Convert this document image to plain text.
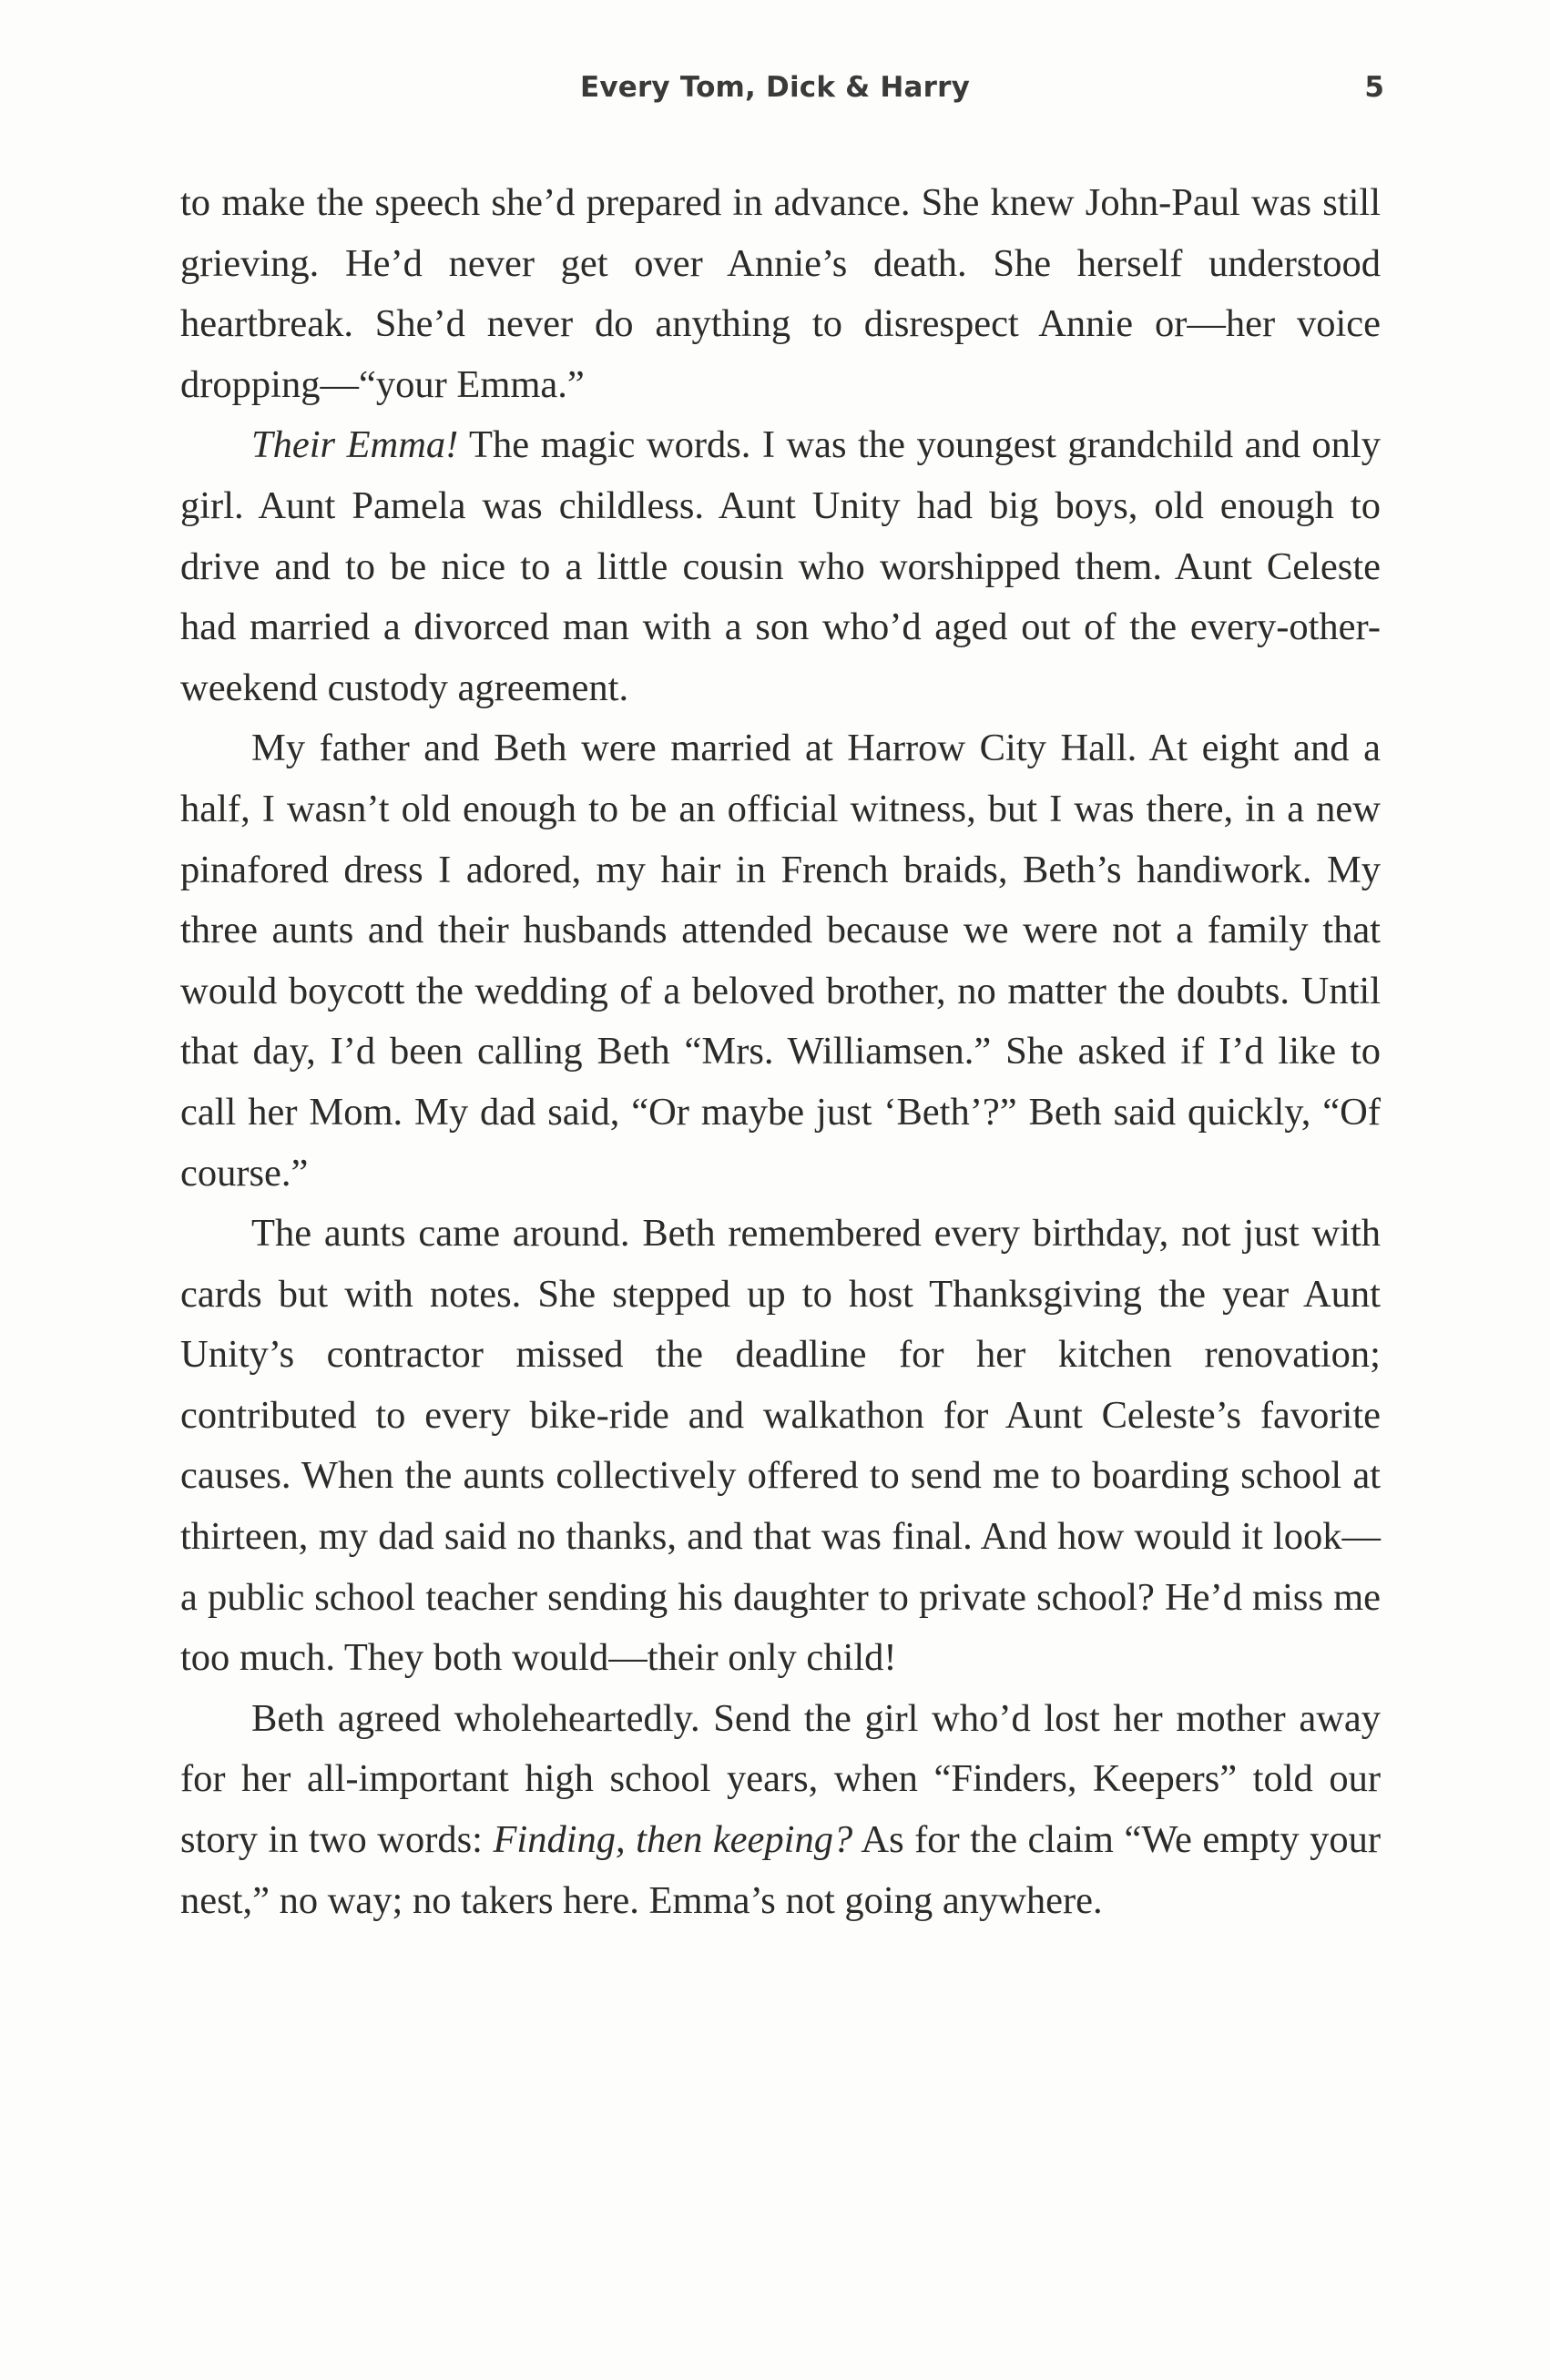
Every Tom, Dick & Harry	5

to make the speech she’d prepared in advance. She knew John-Paul was still grieving. He’d never get over Annie’s death. She herself understood heartbreak. She’d never do anything to disrespect Annie or—her voice dropping—“your Emma.”

Their Emma! The magic words. I was the youngest grandchild and only girl. Aunt Pamela was childless. Aunt Unity had big boys, old enough to drive and to be nice to a little cousin who worshipped them. Aunt Celeste had married a divorced man with a son who’d aged out of the every-other-weekend custody agreement.

My father and Beth were married at Harrow City Hall. At eight and a half, I wasn’t old enough to be an official witness, but I was there, in a new pinafored dress I adored, my hair in French braids, Beth’s handiwork. My three aunts and their husbands attended because we were not a family that would boycott the wedding of a beloved brother, no matter the doubts. Until that day, I’d been calling Beth “Mrs. Williamsen.” She asked if I’d like to call her Mom. My dad said, “Or maybe just ‘Beth’?” Beth said quickly, “Of course.”

The aunts came around. Beth remembered every birthday, not just with cards but with notes. She stepped up to host Thanksgiving the year Aunt Unity’s contractor missed the deadline for her kitchen renovation; contributed to every bike-ride and walkathon for Aunt Celeste’s favorite causes. When the aunts collectively offered to send me to boarding school at thirteen, my dad said no thanks, and that was final. And how would it look—a public school teacher sending his daughter to private school? He’d miss me too much. They both would—their only child!

Beth agreed wholeheartedly. Send the girl who’d lost her mother away for her all-important high school years, when “Finders, Keepers” told our story in two words: Finding, then keeping? As for the claim “We empty your nest,” no way; no takers here. Emma’s not going anywhere.
